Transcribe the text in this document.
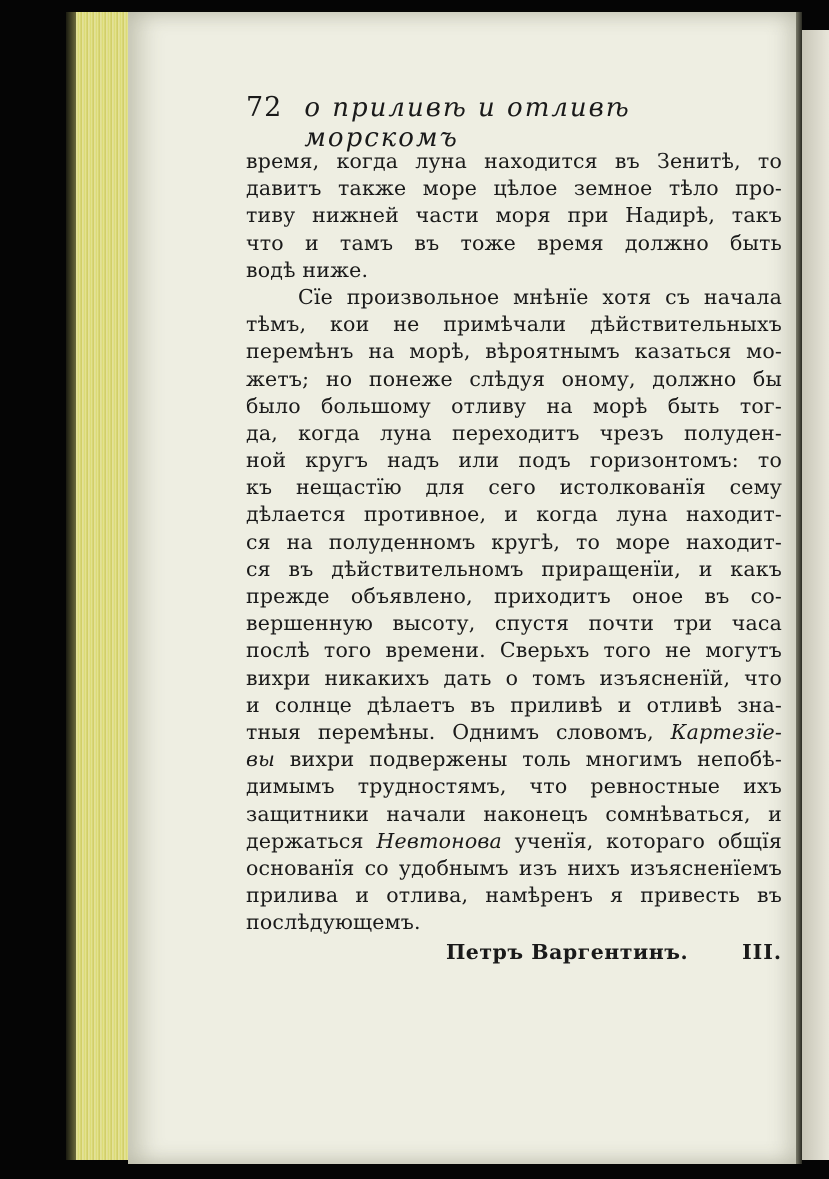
72 о приливѣ и отливѣ морскомъ
время, когда луна находится въ Зенитѣ, то
давитъ также море цѣлое земное тѣло про-
тиву нижней части моря при Надирѣ, такъ
что и тамъ въ тоже время должно быть
водѣ ниже.
Сїе произвольное мнѣнїе хотя съ начала
тѣмъ, кои не примѣчали дѣйствительныхъ
перемѣнъ на морѣ, вѣроятнымъ казаться мо-
жетъ; но понеже слѣдуя оному, должно бы
было большому отливу на морѣ быть тог-
да, когда луна переходитъ чрезъ полуден-
ной кругъ надъ или подъ горизонтомъ: то
къ нещастїю для сего истолкованїя сему
дѣлается противное, и когда луна находит-
ся на полуденномъ кругѣ, то море находит-
ся въ дѣйствительномъ приращенїи, и какъ
прежде объявлено, приходитъ оное въ со-
вершенную высоту, спустя почти три часа
послѣ того времени. Сверьхъ того не могутъ
вихри никакихъ дать о томъ изъясненїй, что
и солнце дѣлаетъ въ приливѣ и отливѣ зна-
тныя перемѣны. Однимъ словомъ, Картезїе-
вы вихри подвержены толь многимъ непобѣ-
димымъ трудностямъ, что ревностные ихъ
защитники начали наконецъ сомнѣваться, и
держаться Невтонова ученїя, котораго общїя
основанїя со удобнымъ изъ нихъ изъясненїемъ
прилива и отлива, намѣренъ я привесть въ
послѣдующемъ.
Петръ Варгентинъ.	III.
